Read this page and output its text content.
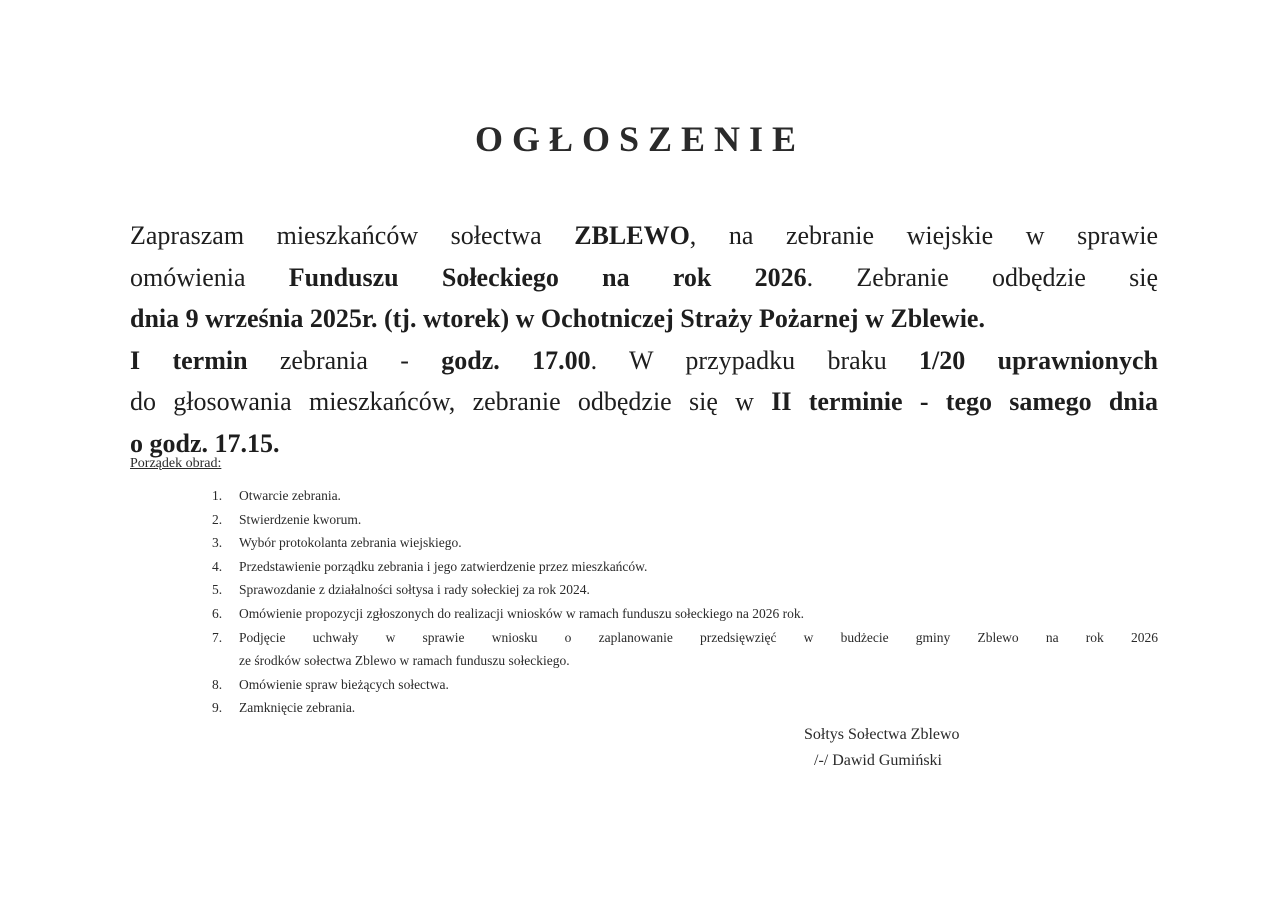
OGŁOSZENIE
Zapraszam mieszkańców sołectwa ZBLEWO, na zebranie wiejskie w sprawie
omówienia Funduszu Sołeckiego na rok 2026. Zebranie odbędzie się
dnia 9 września 2025r. (tj. wtorek) w Ochotniczej Straży Pożarnej w Zblewie.
I termin zebrania - godz. 17.00. W przypadku braku 1/20 uprawnionych
do głosowania mieszkańców, zebranie odbędzie się w II terminie - tego samego dnia
o godz. 17.15.
Porządek obrad:
1.	Otwarcie zebrania.
2.	Stwierdzenie kworum.
3.	Wybór protokolanta zebrania wiejskiego.
4.	Przedstawienie porządku zebrania i jego zatwierdzenie przez mieszkańców.
5.	Sprawozdanie z działalności sołtysa i rady sołeckiej za rok 2024.
6.	Omówienie propozycji zgłoszonych do realizacji wniosków w ramach funduszu sołeckiego na 2026 rok.
7.	Podjęcie uchwały w sprawie wniosku o zaplanowanie przedsięwzięć w budżecie gminy Zblewo na rok 2026
ze środków sołectwa Zblewo w ramach funduszu sołeckiego.
8.	Omówienie spraw bieżących sołectwa.
9.	Zamknięcie zebrania.
Sołtys Sołectwa Zblewo
/-/ Dawid Gumiński
